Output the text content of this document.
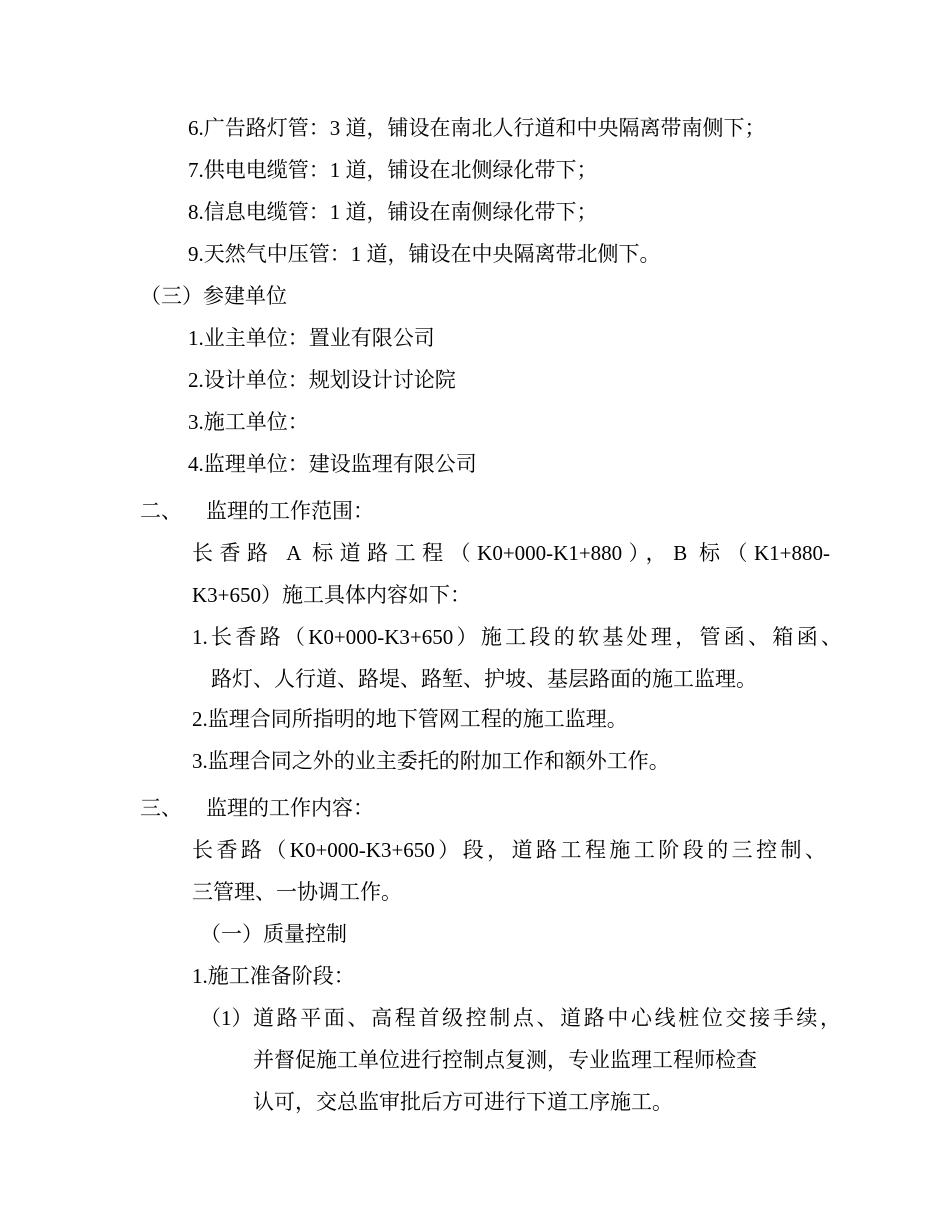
6.广告路灯管：3 道，铺设在南北人行道和中央隔离带南侧下；
7.供电电缆管：1 道，铺设在北侧绿化带下；
8.信息电缆管：1 道，铺设在南侧绿化带下；
9.天然气中压管：1 道，铺设在中央隔离带北侧下。
（三）参建单位
1.业主单位：置业有限公司
2.设计单位：规划设计讨论院
3.施工单位：
4.监理单位：建设监理有限公司
二、 监理的工作范围：
长香路 A 标道路工程（K0+000-K1+880），B 标（K1+880-
K3+650）施工具体内容如下：
1.长香路（K0+000-K3+650）施工段的软基处理，管函、箱函、
路灯、人行道、路堤、路堑、护坡、基层路面的施工监理。
2.监理合同所指明的地下管网工程的施工监理。
3.监理合同之外的业主委托的附加工作和额外工作。
三、 监理的工作内容：
长香路（K0+000-K3+650）段，道路工程施工阶段的三控制、
三管理、一协调工作。
（一）质量控制
1.施工准备阶段：
（1） 道路平面、高程首级控制点、道路中心线桩位交接手续，
并督促施工单位进行控制点复测，专业监理工程师检查
认可，交总监审批后方可进行下道工序施工。
